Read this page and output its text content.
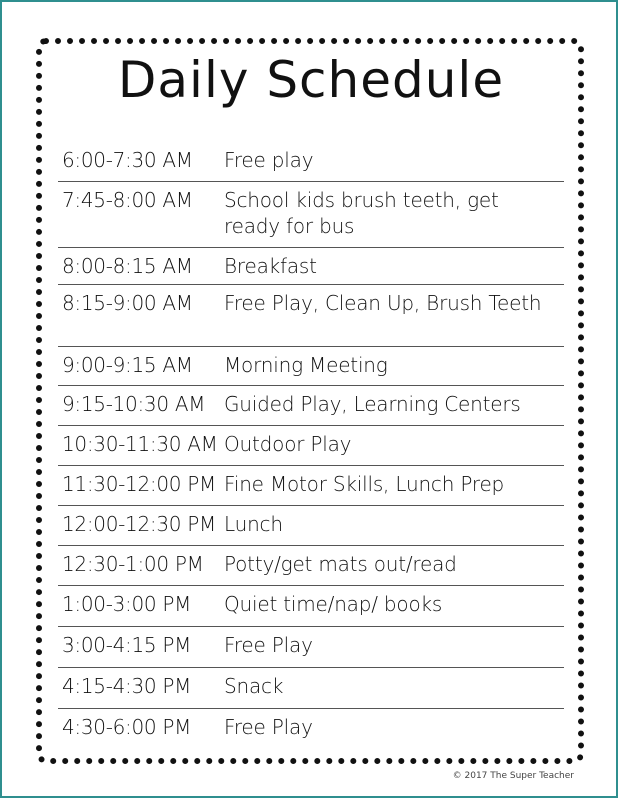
Daily Schedule
6:00-7:30 AM	Free play
7:45-8:00 AM	School kids brush teeth, get ready for bus
8:00-8:15 AM	Breakfast
8:15-9:00 AM	Free Play, Clean Up, Brush Teeth
9:00-9:15 AM	Morning Meeting
9:15-10:30 AM Guided Play, Learning Centers
10:30-11:30 AM Outdoor Play
11:30-12:00 PM Fine Motor Skills, Lunch Prep
12:00-12:30 PM Lunch
12:30-1:00 PM	Potty/get mats out/read
1:00-3:00 PM	Quiet time/nap/ books
3:00-4:15 PM	Free Play
4:15-4:30 PM	Snack
4:30-6:00 PM	Free Play
© 2017 The Super Teacher
